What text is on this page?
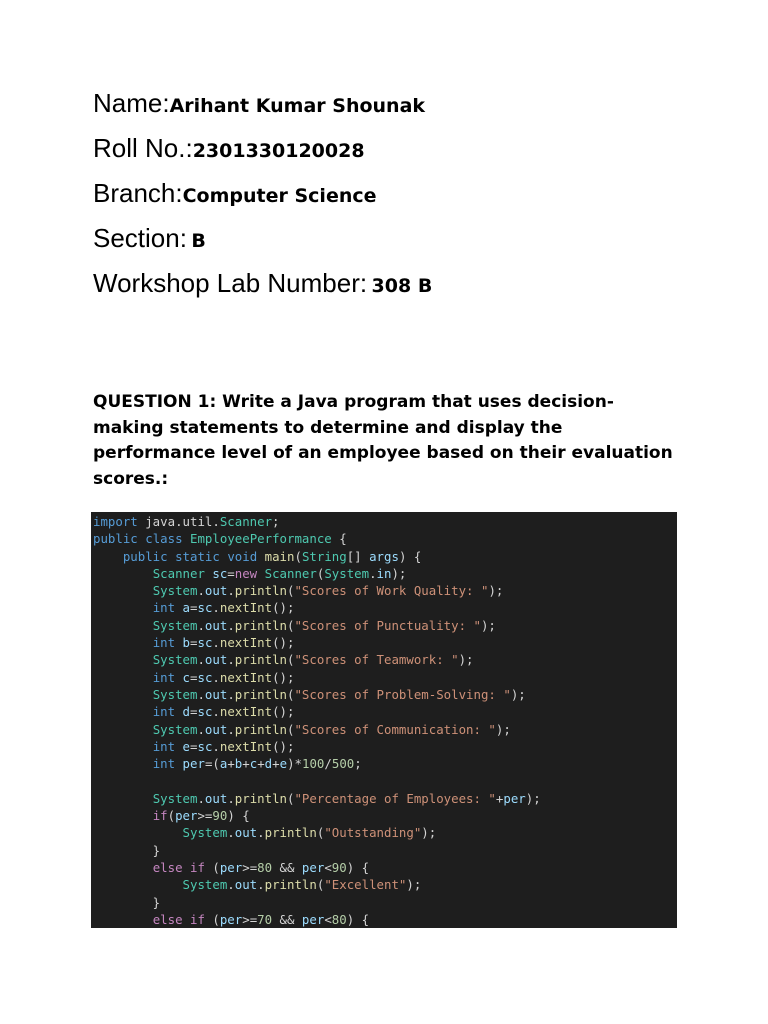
Name:Arihant Kumar Shounak
Roll No.:2301330120028
Branch:Computer Science
Section: B
Workshop Lab Number: 308 B
QUESTION 1: Write a Java program that uses decision-making statements to determine and display the performance level of an employee based on their evaluation scores.:
import java.util.Scanner;
public class EmployeePerformance {
public static void main(String[] args) {
Scanner sc=new Scanner(System.in);
System.out.println("Scores of Work Quality: ");
int a=sc.nextInt();
System.out.println("Scores of Punctuality: ");
int b=sc.nextInt();
System.out.println("Scores of Teamwork: ");
int c=sc.nextInt();
System.out.println("Scores of Problem-Solving: ");
int d=sc.nextInt();
System.out.println("Scores of Communication: ");
int e=sc.nextInt();
int per=(a+b+c+d+e)*100/500;
System.out.println("Percentage of Employees: "+per);
if(per>=90) {
System.out.println("Outstanding");
}
else if (per>=80 && per<90) {
System.out.println("Excellent");
}
else if (per>=70 && per<80) {
